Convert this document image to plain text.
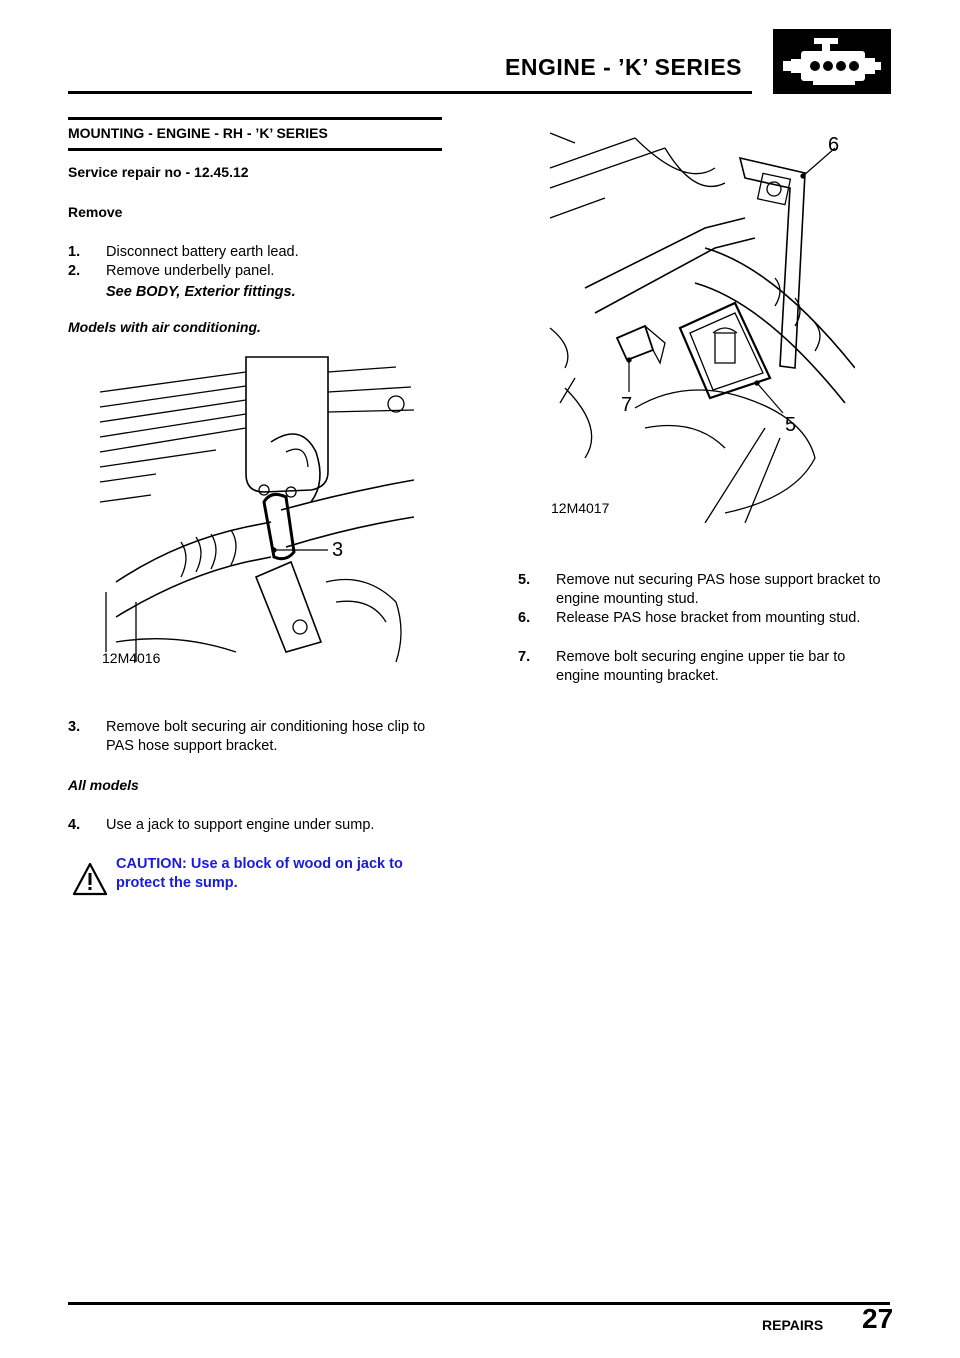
ENGINE - ’K’ SERIES
MOUNTING - ENGINE - RH - ’K’ SERIES
Service repair no - 12.45.12
Remove
1. Disconnect battery earth lead.
2. Remove underbelly panel.
See BODY, Exterior fittings.
Models with air conditioning.
3
12M4016
3. Remove bolt securing air conditioning hose clip to PAS hose support bracket.
All models
4. Use a jack to support engine under sump.
CAUTION: Use a block of wood on jack to protect the sump.
6
7
5
12M4017
5. Remove nut securing PAS hose support bracket to engine mounting stud.
6. Release PAS hose bracket from mounting stud.
7. Remove bolt securing engine upper tie bar to engine mounting bracket.
REPAIRS 27
